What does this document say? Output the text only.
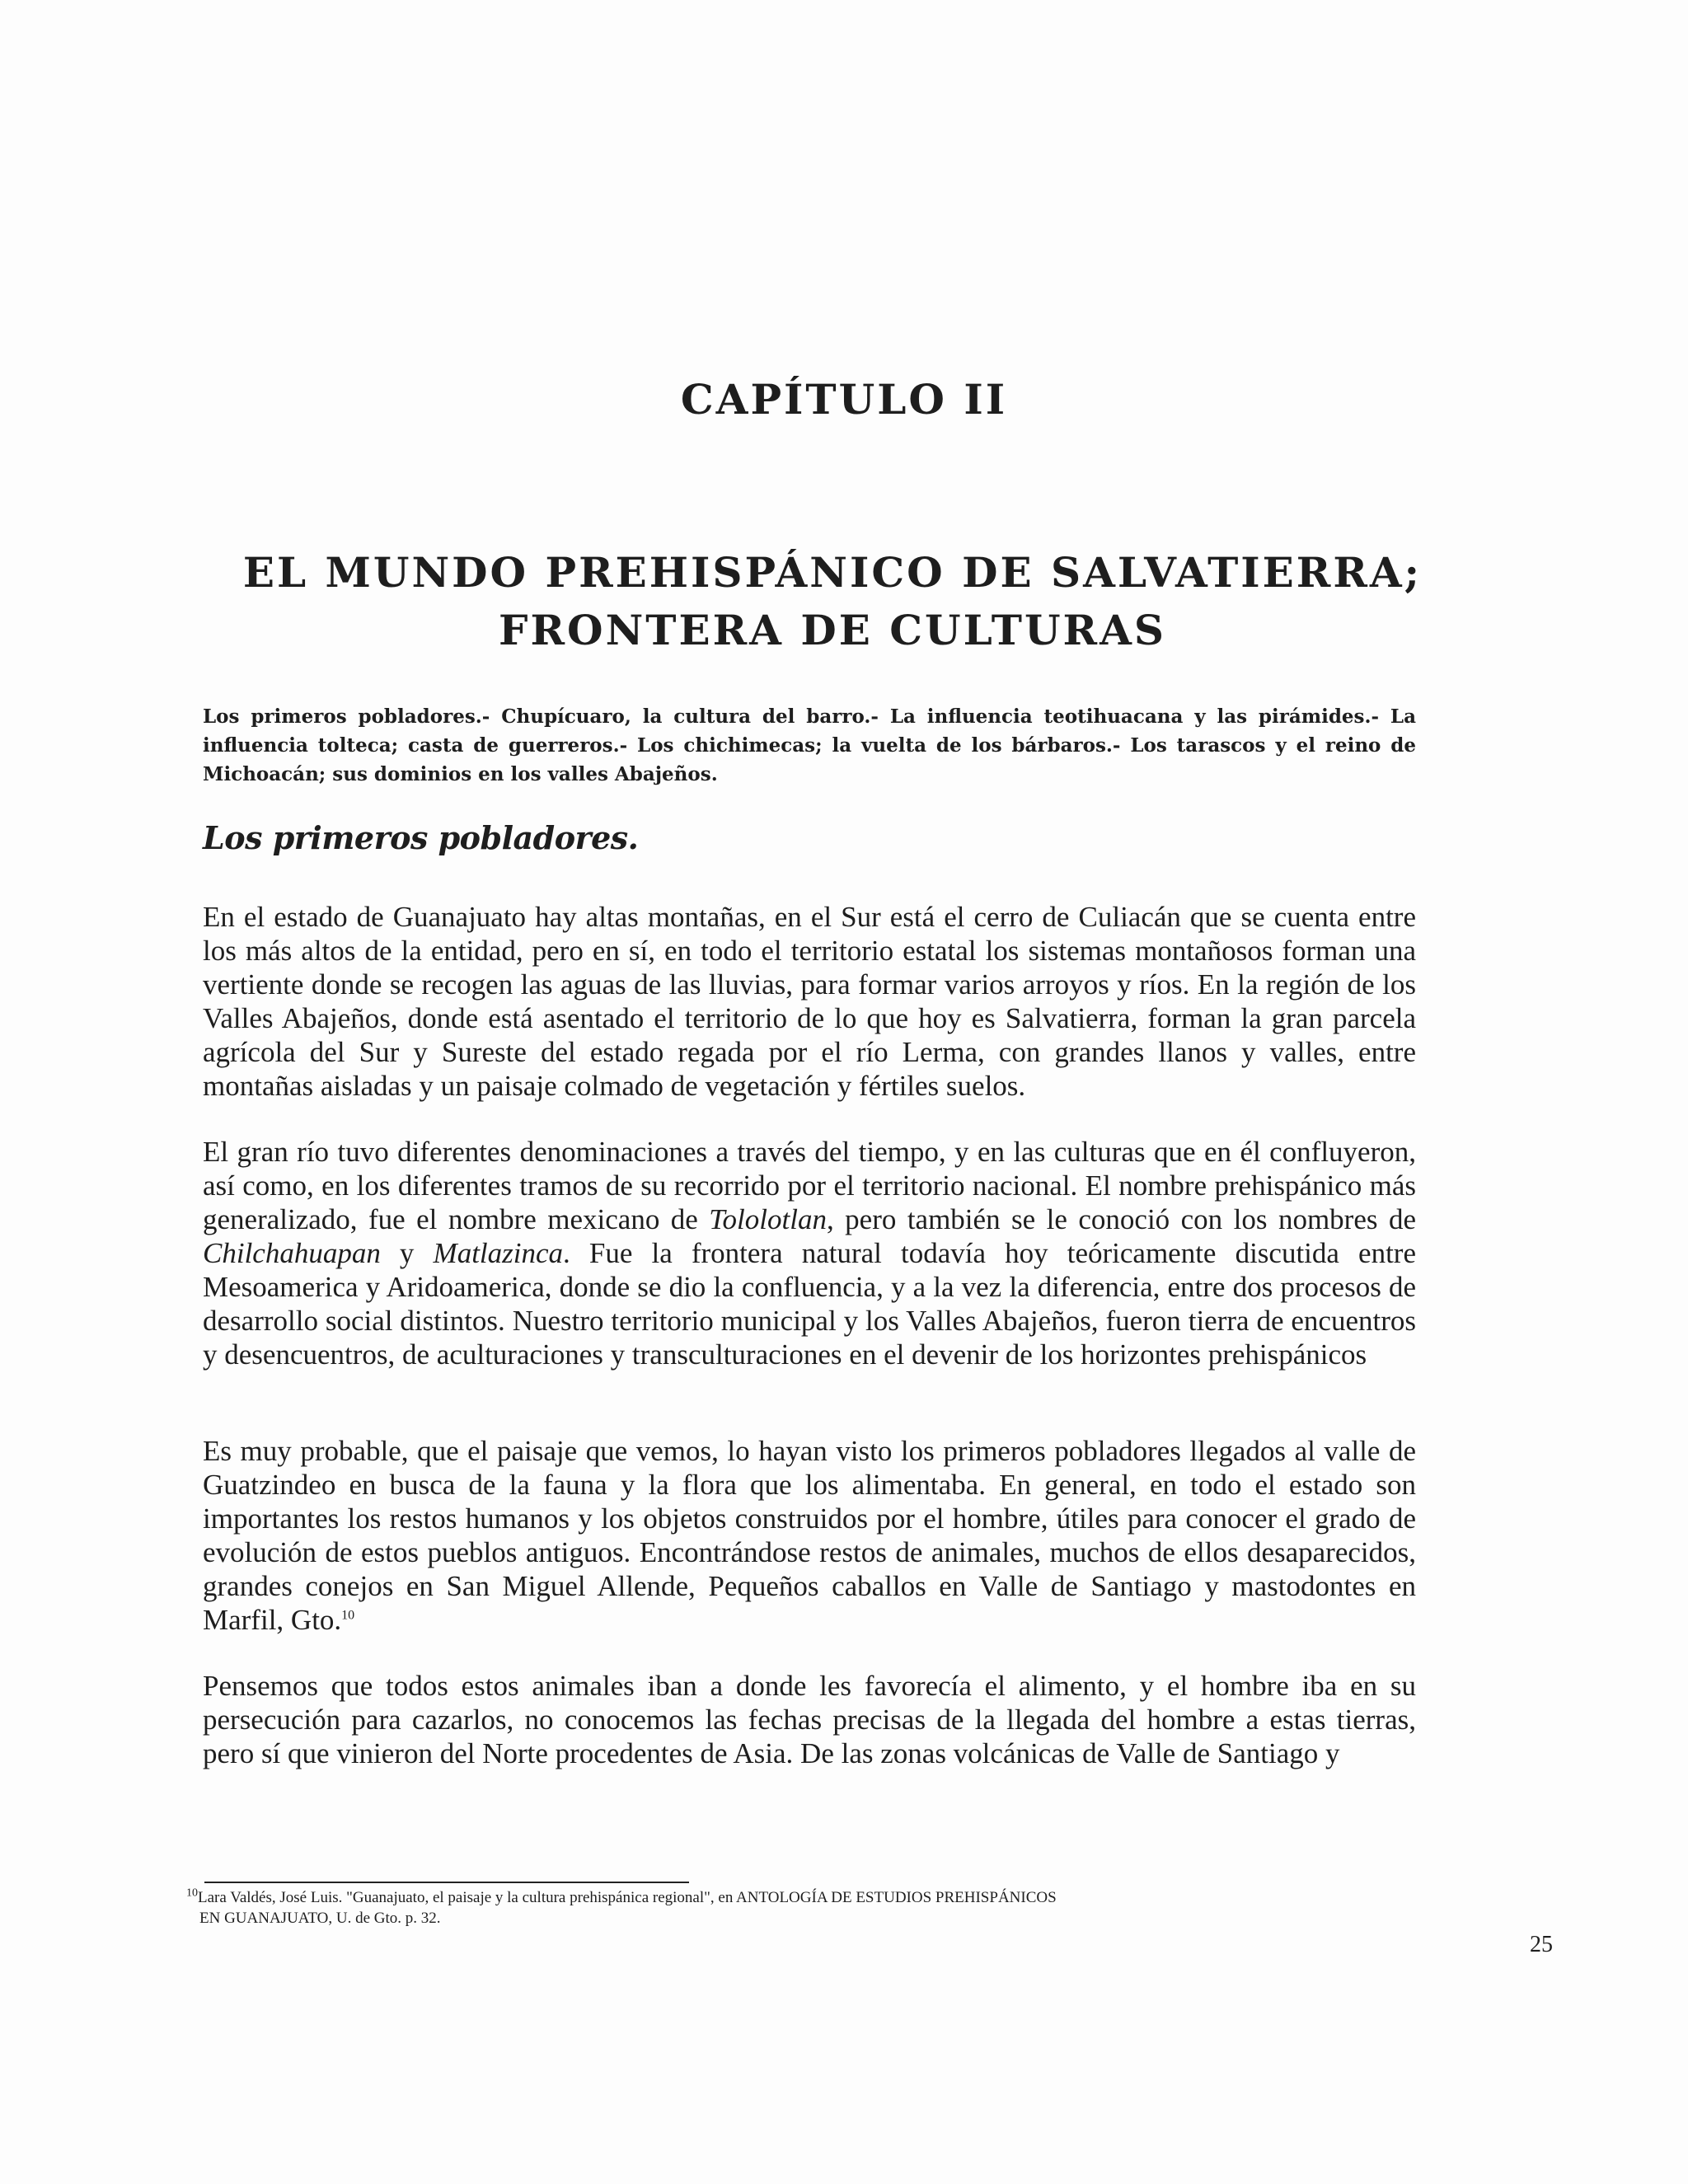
CAPÍTULO II
EL MUNDO PREHISPÁNICO DE SALVATIERRA;
FRONTERA DE CULTURAS

Los primeros pobladores.- Chupícuaro, la cultura del barro.- La influencia teotihuacana y las pirámides.- La influencia tolteca; casta de guerreros.- Los chichimecas; la vuelta de los bárbaros.- Los tarascos y el reino de Michoacán; sus dominios en los valles Abajeños.

Los primeros pobladores.

En el estado de Guanajuato hay altas montañas, en el Sur está el cerro de Culiacán que se cuenta entre los más altos de la entidad, pero en sí, en todo el territorio estatal los sistemas montañosos forman una vertiente donde se recogen las aguas de las lluvias, para formar varios arroyos y ríos. En la región de los Valles Abajeños, donde está asentado el territorio de lo que hoy es Salvatierra, forman la gran parcela agrícola del Sur y Sureste del estado regada por el río Lerma, con grandes llanos y valles, entre montañas aisladas y un paisaje colmado de vegetación y fértiles suelos.

El gran río tuvo diferentes denominaciones a través del tiempo, y en las culturas que en él confluyeron, así como, en los diferentes tramos de su recorrido por el territorio nacional. El nombre prehispánico más generalizado, fue el nombre mexicano de Tololotlan, pero también se le conoció con los nombres de Chilchahuapan y Matlazinca. Fue la frontera natural todavía hoy teóricamente discutida entre Mesoamerica y Aridoamerica, donde se dio la confluencia, y a la vez la diferencia, entre dos procesos de desarrollo social distintos. Nuestro territorio municipal y los Valles Abajeños, fueron tierra de encuentros y desencuentros, de aculturaciones y transculturaciones en el devenir de los horizontes prehispánicos

Es muy probable, que el paisaje que vemos, lo hayan visto los primeros pobladores llegados al valle de Guatzindeo en busca de la fauna y la flora que los alimentaba. En general, en todo el estado son importantes los restos humanos y los objetos construidos por el hombre, útiles para conocer el grado de evolución de estos pueblos antiguos. Encontrándose restos de animales, muchos de ellos desaparecidos, grandes conejos en San Miguel Allende, Pequeños caballos en Valle de Santiago y mastodontes en Marfil, Gto.$^{10}$

Pensemos que todos estos animales iban a donde les favorecía el alimento, y el hombre iba en su persecución para cazarlos, no conocemos las fechas precisas de la llegada del hombre a estas tierras, pero sí que vinieron del Norte procedentes de Asia. De las zonas volcánicas de Valle de Santiago y

$^{10}$Lara Valdés, José Luis. "Guanajuato, el paisaje y la cultura prehispánica regional", en ANTOLOGÍA DE ESTUDIOS PREHISPÁNICOS
EN GUANAJUATO, U. de Gto. p. 32.

25
